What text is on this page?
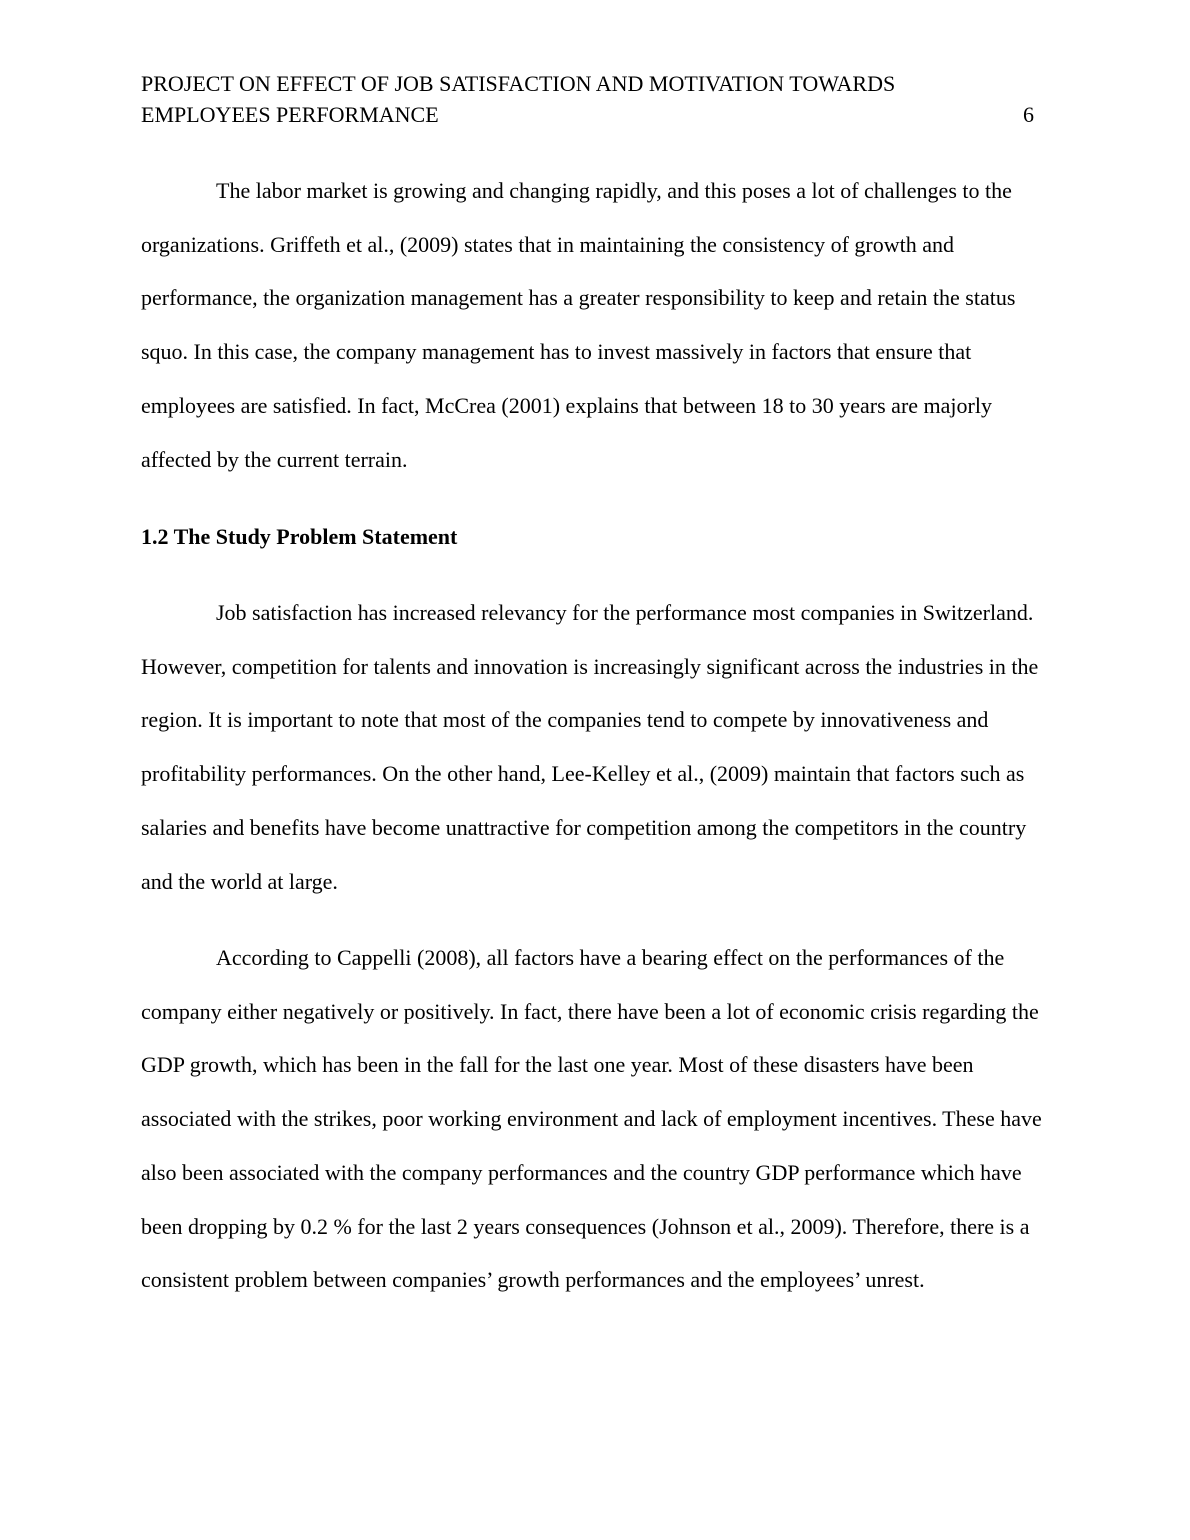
PROJECT ON EFFECT OF JOB SATISFACTION AND MOTIVATION TOWARDS EMPLOYEES PERFORMANCE	6

The labor market is growing and changing rapidly, and this poses a lot of challenges to the organizations. Griffeth et al., (2009) states that in maintaining the consistency of growth and performance, the organization management has a greater responsibility to keep and retain the status squo. In this case, the company management has to invest massively in factors that ensure that employees are satisfied. In fact, McCrea (2001) explains that between 18 to 30 years are majorly affected by the current terrain.

1.2 The Study Problem Statement

Job satisfaction has increased relevancy for the performance most companies in Switzerland. However, competition for talents and innovation is increasingly significant across the industries in the region. It is important to note that most of the companies tend to compete by innovativeness and profitability performances. On the other hand, Lee-Kelley et al., (2009) maintain that factors such as salaries and benefits have become unattractive for competition among the competitors in the country and the world at large.

According to Cappelli (2008), all factors have a bearing effect on the performances of the company either negatively or positively. In fact, there have been a lot of economic crisis regarding the GDP growth, which has been in the fall for the last one year. Most of these disasters have been associated with the strikes, poor working environment and lack of employment incentives. These have also been associated with the company performances and the country GDP performance which have been dropping by 0.2 % for the last 2 years consequences (Johnson et al., 2009). Therefore, there is a consistent problem between companies’ growth performances and the employees’ unrest.
